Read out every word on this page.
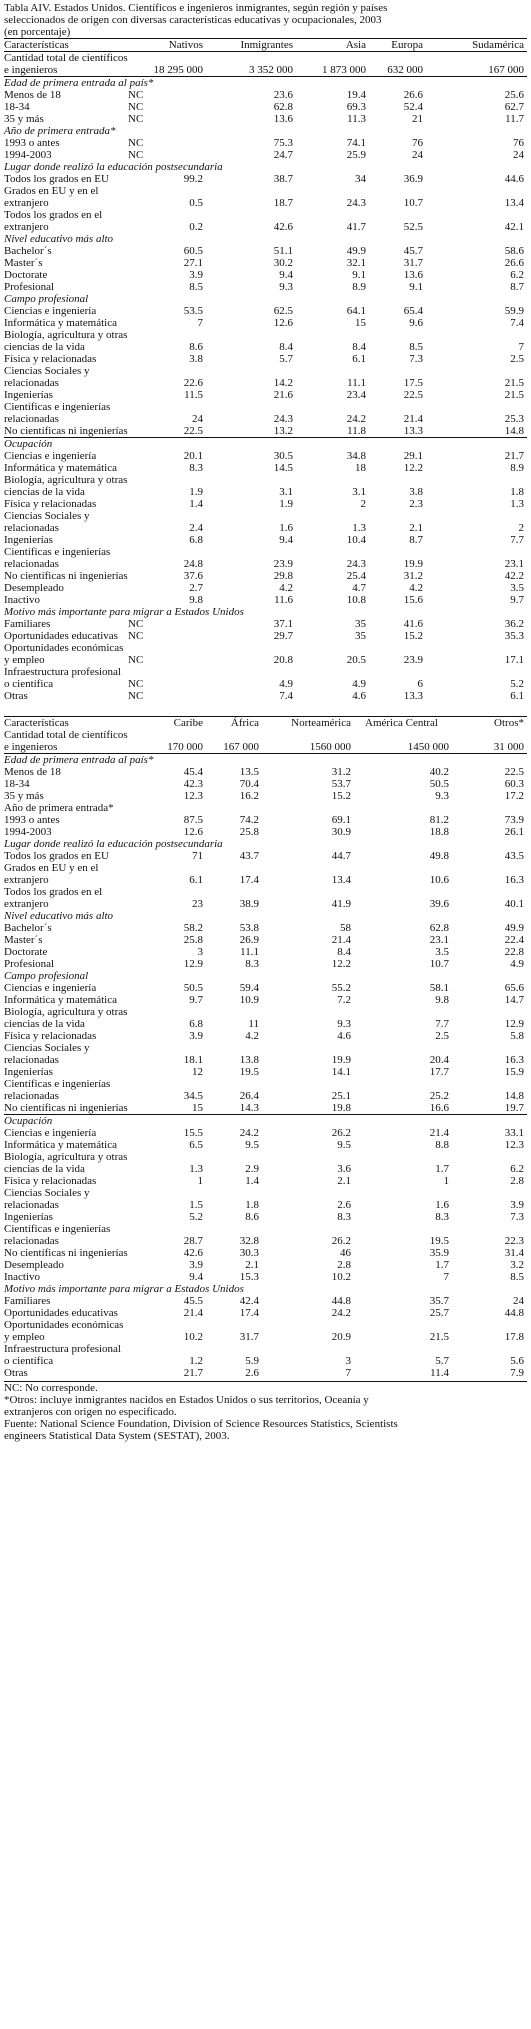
Tabla AIV. Estados Unidos. Científicos e ingenieros inmigrantes, según región y países
seleccionados de origen con diversas características educativas y ocupacionales, 2003
(en porcentaje)
Características	Nativos	Inmigrantes	Asia	Europa	Sudamérica
Cantidad total de científicos e ingenieros	18 295 000	3 352 000	1 873 000	632 000	167 000
Edad de primera entrada al país*					
Menos de 18	NC	23.6	19.4	26.6	25.6
18-34	NC	62.8	69.3	52.4	62.7
35 y más	NC	13.6	11.3	21	11.7
Año de primera entrada*					
1993 o antes	NC	75.3	74.1	76	76
1994-2003	NC	24.7	25.9	24	24
Lugar donde realizó la educación postsecundaria					
Todos los grados en EU	99.2	38.7	34	36.9	44.6
Grados en EU y en el extranjero	0.5	18.7	24.3	10.7	13.4
Todos los grados en el extranjero	0.2	42.6	41.7	52.5	42.1
Nivel educativo más alto					
Bachelor´s	60.5	51.1	49.9	45.7	58.6
Master´s	27.1	30.2	32.1	31.7	26.6
Doctorate	3.9	9.4	9.1	13.6	6.2
Profesional	8.5	9.3	8.9	9.1	8.7
Campo profesional					
Ciencias e ingeniería	53.5	62.5	64.1	65.4	59.9
Informática y matemática	7	12.6	15	9.6	7.4
Biología, agricultura y otras ciencias de la vida	8.6	8.4	8.4	8.5	7
Física y relacionadas	3.8	5.7	6.1	7.3	2.5
Ciencias Sociales y relacionadas	22.6	14.2	11.1	17.5	21.5
Ingenierías	11.5	21.6	23.4	22.5	21.5
Científicas e ingenierías relacionadas	24	24.3	24.2	21.4	25.3
No científicas ni ingenierías	22.5	13.2	11.8	13.3	14.8
Ocupación					
Ciencias e ingeniería	20.1	30.5	34.8	29.1	21.7
Informática y matemática	8.3	14.5	18	12.2	8.9
Biología, agricultura y otras ciencias de la vida	1.9	3.1	3.1	3.8	1.8
Física y relacionadas	1.4	1.9	2	2.3	1.3
Ciencias Sociales y relacionadas	2.4	1.6	1.3	2.1	2
Ingenierías	6.8	9.4	10.4	8.7	7.7
Científicas e ingenierías relacionadas	24.8	23.9	24.3	19.9	23.1
No científicas ni ingenierías	37.6	29.8	25.4	31.2	42.2
Desempleado	2.7	4.2	4.7	4.2	3.5
Inactivo	9.8	11.6	10.8	15.6	9.7
Motivo más importante para migrar a Estados Unidos					
Familiares	NC	37.1	35	41.6	36.2
Oportunidades educativas	NC	29.7	35	15.2	35.3
Oportunidades económicas y empleo	NC	20.8	20.5	23.9	17.1
Infraestructura profesional o científica	NC	4.9	4.9	6	5.2
Otras	NC	7.4	4.6	13.3	6.1
Características	Caribe	África	Norteamérica	América Central	Otros*
Cantidad total de científicos e ingenieros	170 000	167 000	1560 000	1450 000	31 000
Edad de primera entrada al país*					
Menos de 18	45.4	13.5	31.2	40.2	22.5
18-34	42.3	70.4	53.7	50.5	60.3
35 y más	12.3	16.2	15.2	9.3	17.2
Año de primera entrada*					
1993 o antes	87.5	74.2	69.1	81.2	73.9
1994-2003	12.6	25.8	30.9	18.8	26.1
Lugar donde realizó la educación postsecundaria					
Todos los grados en EU	71	43.7	44.7	49.8	43.5
Grados en EU y en el extranjero	6.1	17.4	13.4	10.6	16.3
Todos los grados en el extranjero	23	38.9	41.9	39.6	40.1
Nivel educativo más alto					
Bachelor´s	58.2	53.8	58	62.8	49.9
Master´s	25.8	26.9	21.4	23.1	22.4
Doctorate	3	11.1	8.4	3.5	22.8
Profesional	12.9	8.3	12.2	10.7	4.9
Campo profesional					
Ciencias e ingeniería	50.5	59.4	55.2	58.1	65.6
Informática y matemática	9.7	10.9	7.2	9.8	14.7
Biología, agricultura y otras ciencias de la vida	6.8	11	9.3	7.7	12.9
Física y relacionadas	3.9	4.2	4.6	2.5	5.8
Ciencias Sociales y relacionadas	18.1	13.8	19.9	20.4	16.3
Ingenierías	12	19.5	14.1	17.7	15.9
Científicas e ingenierías relacionadas	34.5	26.4	25.1	25.2	14.8
No científicas ni ingenierías	15	14.3	19.8	16.6	19.7
Ocupación					
Ciencias e ingeniería	15.5	24.2	26.2	21.4	33.1
Informática y matemática	6.5	9.5	9.5	8.8	12.3
Biología, agricultura y otras ciencias de la vida	1.3	2.9	3.6	1.7	6.2
Física y relacionadas	1	1.4	2.1	1	2.8
Ciencias Sociales y relacionadas	1.5	1.8	2.6	1.6	3.9
Ingenierías	5.2	8.6	8.3	8.3	7.3
Científicas e ingenierías relacionadas	28.7	32.8	26.2	19.5	22.3
No científicas ni ingenierías	42.6	30.3	46	35.9	31.4
Desempleado	3.9	2.1	2.8	1.7	3.2
Inactivo	9.4	15.3	10.2	7	8.5
Motivo más importante para migrar a Estados Unidos					
Familiares	45.5	42.4	44.8	35.7	24
Oportunidades educativas	21.4	17.4	24.2	25.7	44.8
Oportunidades económicas y empleo	10.2	31.7	20.9	21.5	17.8
Infraestructura profesional o científica	1.2	5.9	3	5.7	5.6
Otras	21.7	2.6	7	11.4	7.9
NC: No corresponde.
*Otros: incluye inmigrantes nacidos en Estados Unidos o sus territorios, Oceanía y
extranjeros con origen no especificado.
Fuente: National Science Foundation, Division of Science Resources Statistics, Scientists
engineers Statistical Data System (SESTAT), 2003.
